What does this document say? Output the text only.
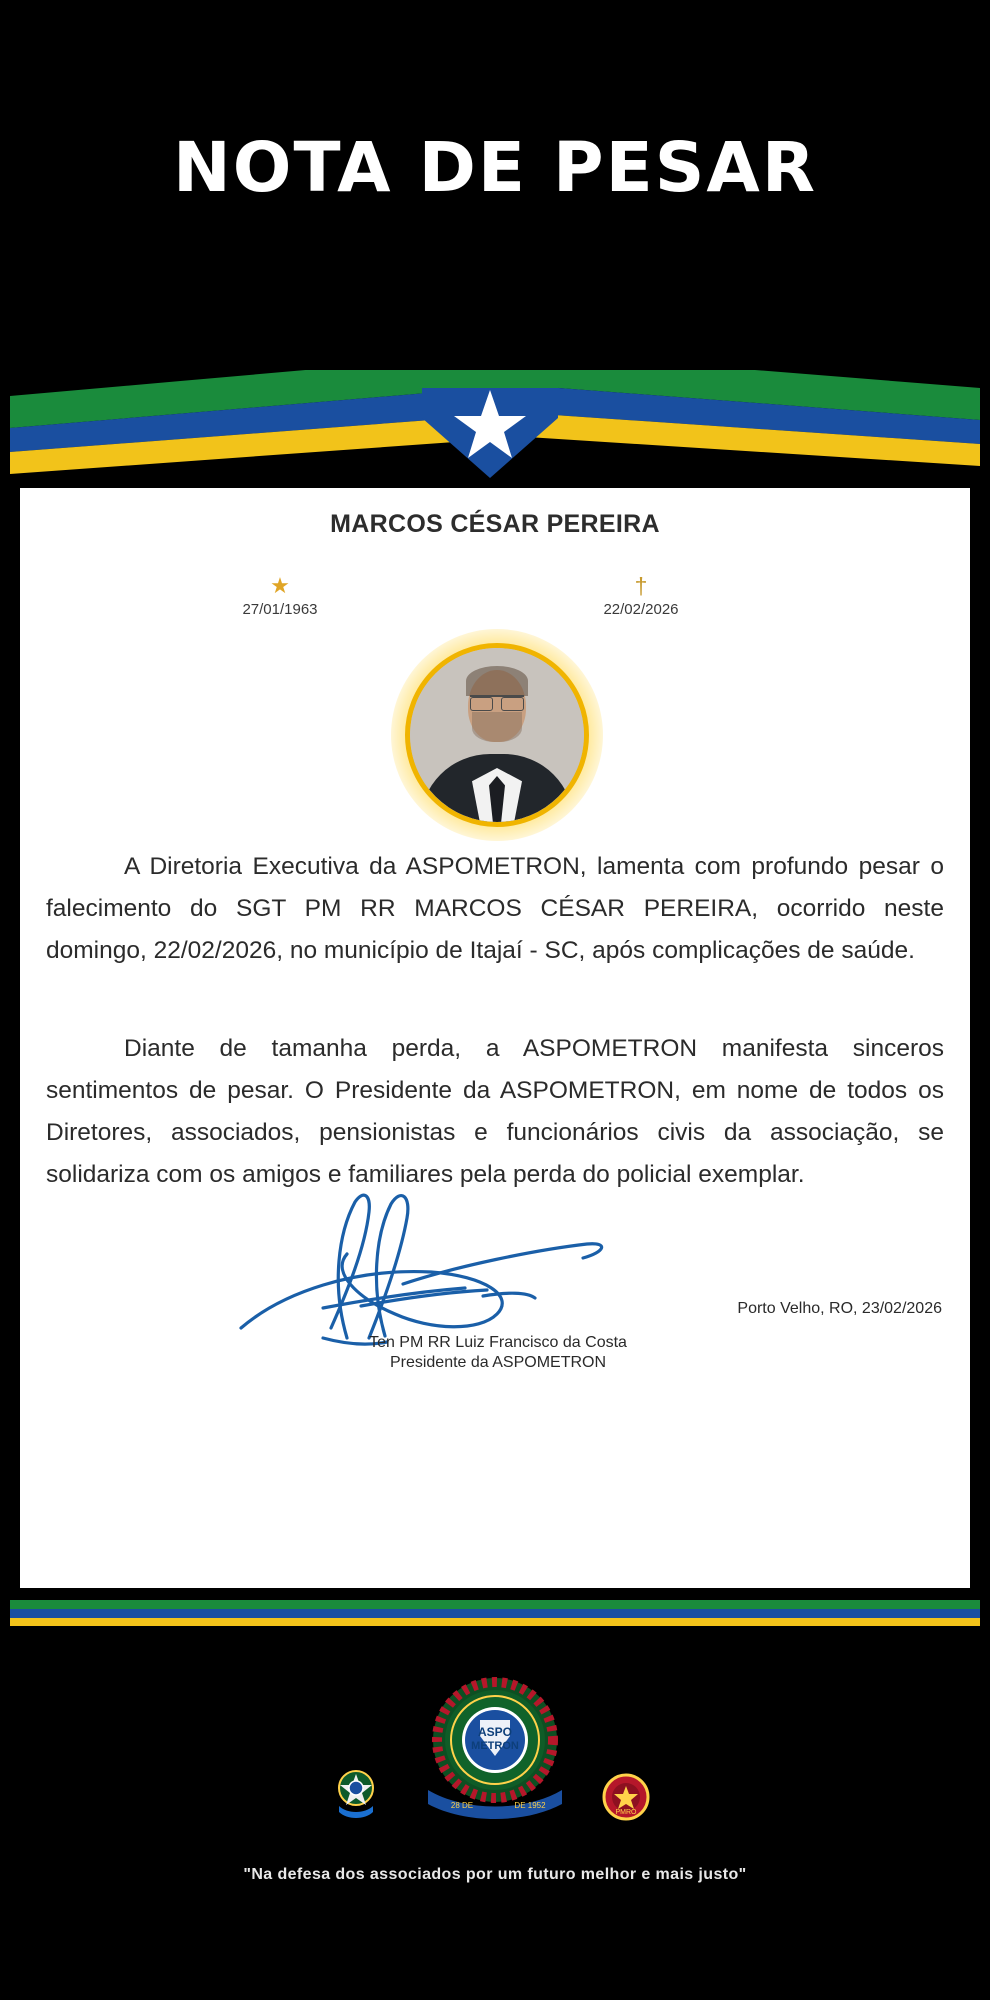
NOTA DE PESAR
MARCOS CÉSAR PEREIRA
★
27/01/1963
†
22/02/2026
A Diretoria Executiva da ASPOMETRON, lamenta com profundo pesar o falecimento do SGT PM RR MARCOS CÉSAR PEREIRA, ocorrido neste domingo, 22/02/2026, no município de Itajaí - SC, após complicações de saúde.
Diante de tamanha perda, a ASPOMETRON manifesta sinceros sentimentos de pesar. O Presidente da ASPOMETRON, em nome de todos os Diretores, associados, pensionistas e funcionários civis da associação, se solidariza com os amigos e familiares pela perda do policial exemplar.
Ten PM RR Luiz Francisco da Costa
Presidente da ASPOMETRON
Porto Velho, RO, 23/02/2026
ASPO
METRON
28 DE	DE 1952
PMRO
"Na defesa dos associados por um futuro melhor e mais justo"
